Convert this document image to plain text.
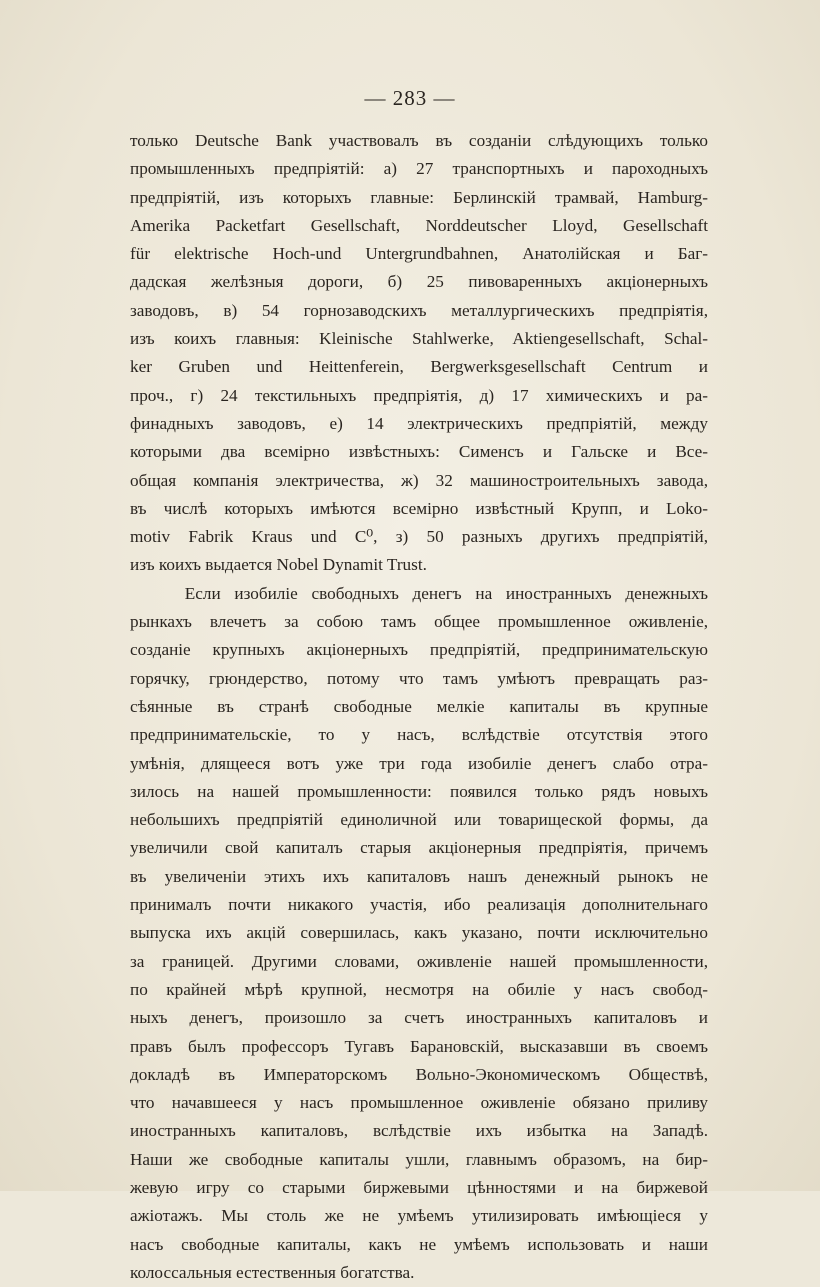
— 283 —
только Deutsche Bank участвовалъ въ созданіи слѣдующихъ только
промышленныхъ предпріятій: а) 27 транспортныхъ и пароходныхъ
предпріятій, изъ которыхъ главные: Берлинскій трамвай, Hamburg-
Amerika Packetfart Gesellschaft, Norddeutscher Lloyd, Gesellschaft
für elektrische Hoch-und Untergrundbahnen, Анатолійская и Баг-
дадская желѣзныя дороги, б) 25 пивоваренныхъ акціонерныхъ
заводовъ, в) 54 горнозаводскихъ металлургическихъ предпріятія,
изъ коихъ главныя: Kleinische Stahlwerke, Aktiengesellschaft, Schal-
ker Gruben und Heittenferein, Bergwerksgesellschaft Centrum и
проч., г) 24 текстильныхъ предпріятія, д) 17 химическихъ и ра-
финадныхъ заводовъ, е) 14 электрическихъ предпріятій, между
которыми два всемірно извѣстныхъ: Сименсъ и Гальске и Все-
общая компанія электричества, ж) 32 машиностроительныхъ завода,
въ числѣ которыхъ имѣются всемірно извѣстный Крупп, и Loko-
motiv Fabrik Kraus und C⁰, з) 50 разныхъ другихъ предпріятій,
изъ коихъ выдается Nobel Dynamit Trust.
Если изобиліе свободныхъ денегъ на иностранныхъ денежныхъ
рынкахъ влечетъ за собою тамъ общее промышленное оживленіе,
созданіе крупныхъ акціонерныхъ предпріятій, предпринимательскую
горячку, грюндерство, потому что тамъ умѣютъ превращать раз-
сѣянные въ странѣ свободные мелкіе капиталы въ крупные
предпринимательскіе, то у насъ, вслѣдствіе отсутствія этого
умѣнія, длящееся вотъ уже три года изобиліе денегъ слабо отра-
зилось на нашей промышленности: появился только рядъ новыхъ
небольшихъ предпріятій единоличной или товарищеской формы, да
увеличили свой капиталъ старыя акціонерныя предпріятія, причемъ
въ увеличеніи этихъ ихъ капиталовъ нашъ денежный рынокъ не
принималъ почти никакого участія, ибо реализація дополнительнаго
выпуска ихъ акцій совершилась, какъ указано, почти исключительно
за границей. Другими словами, оживленіе нашей промышленности,
по крайней мѣрѣ крупной, несмотря на обиліе у насъ свобод-
ныхъ денегъ, произошло за счетъ иностранныхъ капиталовъ и
правъ былъ профессоръ Тугавъ Барановскій, высказавши въ своемъ
докладѣ въ Императорскомъ Вольно-Экономическомъ Обществѣ,
что начавшееся у насъ промышленное оживленіе обязано приливу
иностранныхъ капиталовъ, вслѣдствіе ихъ избытка на Западѣ.
Наши же свободные капиталы ушли, главнымъ образомъ, на бир-
жевую игру со старыми биржевыми цѣнностями и на биржевой
ажіотажъ. Мы столь же не умѣемъ утилизировать имѣющіеся у
насъ свободные капиталы, какъ не умѣемъ использовать и наши
колоссальныя естественныя богатства.
